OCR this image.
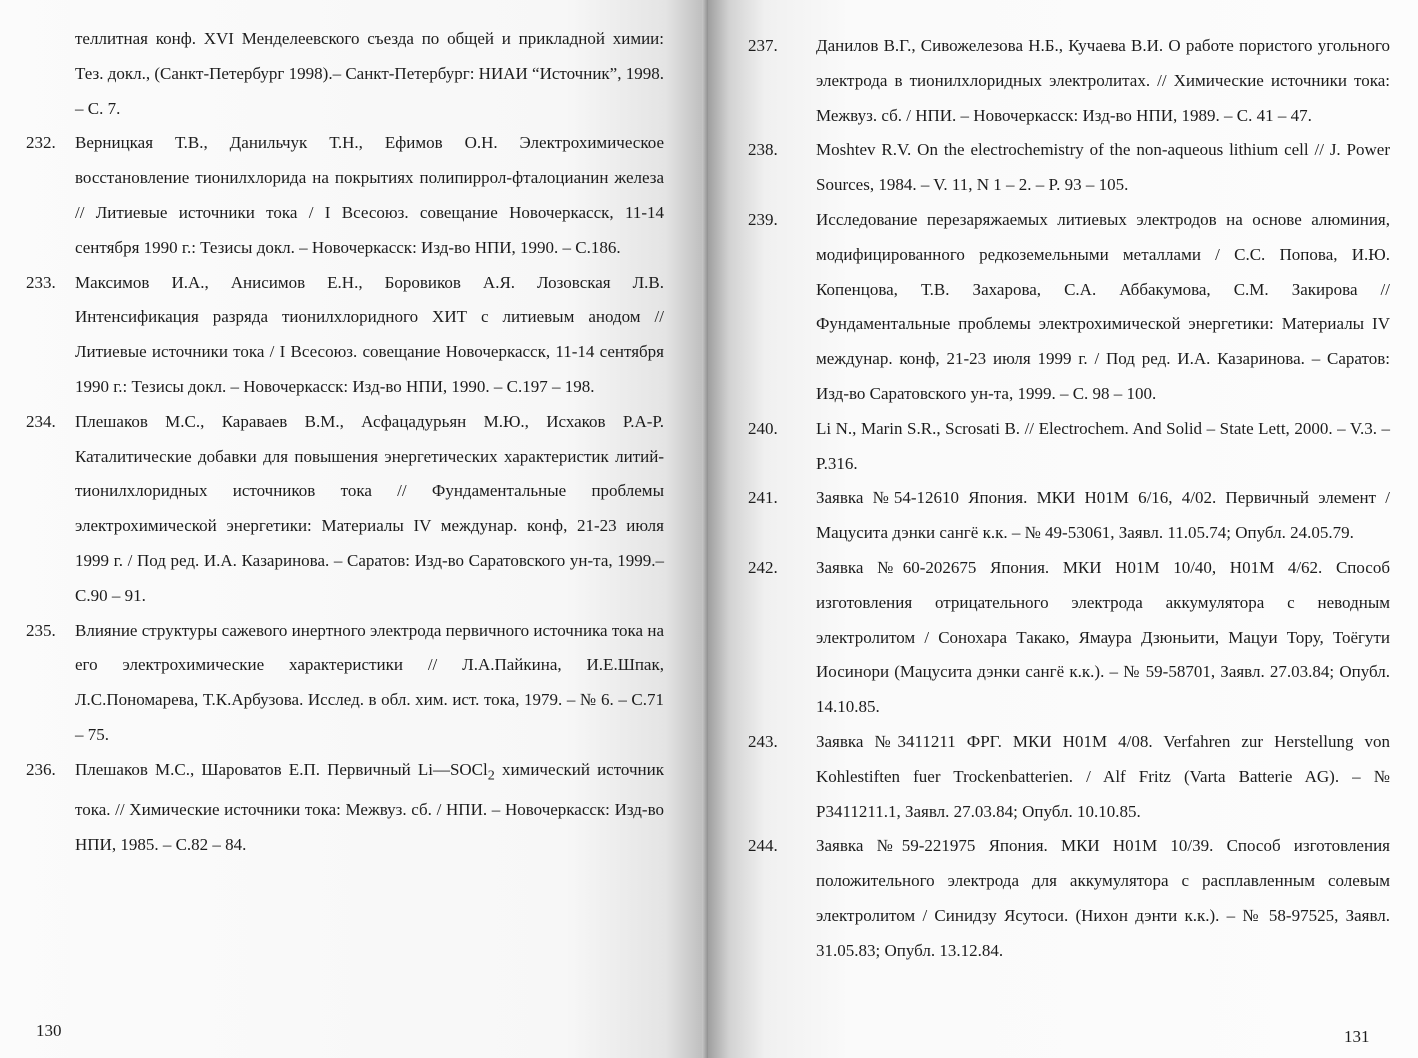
теллитная конф. XVI Менделеевского съезда по общей и прикладной химии: Тез. докл., (Санкт-Петербург 1998).– Санкт-Петербург: НИАИ “Источник”, 1998. – С. 7.
232. Верницкая Т.В., Данильчук Т.Н., Ефимов О.Н. Электрохимическое восстановление тионилхлорида на покрытиях полипиррол-фталоцианин железа // Литиевые источники тока / I Всесоюз. совещание Новочеркасск, 11-14 сентября 1990 г.: Тезисы докл. – Новочеркасск: Изд-во НПИ, 1990. – С.186.
233. Максимов И.А., Анисимов Е.Н., Боровиков А.Я. Лозовская Л.В. Интенсификация разряда тионилхлоридного ХИТ с литиевым анодом // Литиевые источники тока / I Всесоюз. совещание Новочеркасск, 11-14 сентября 1990 г.: Тезисы докл. – Новочеркасск: Изд-во НПИ, 1990. – С.197 – 198.
234. Плешаков М.С., Караваев В.М., Асфацадурьян М.Ю., Исхаков Р.А-Р. Каталитические добавки для повышения энергетических характеристик литий-тионилхлоридных источников тока // Фундаментальные проблемы электрохимической энергетики: Материалы IV междунар. конф, 21-23 июля 1999 г. / Под ред. И.А. Казаринова. – Саратов: Изд-во Саратовского ун-та, 1999.– С.90 – 91.
235. Влияние структуры сажевого инертного электрода первичного источника тока на его электрохимические характеристики // Л.А.Пайкина, И.Е.Шпак, Л.С.Пономарева, Т.К.Арбузова. Исслед. в обл. хим. ист. тока, 1979. – № 6. – С.71 – 75.
236. Плешаков М.С., Шароватов Е.П. Первичный Li—SOCl$_2$ химический источник тока. // Химические источники тока: Межвуз. сб. / НПИ. – Новочеркасск: Изд-во НПИ, 1985. – С.82 – 84.
130
237. Данилов В.Г., Сивожелезова Н.Б., Кучаева В.И. О работе пористого угольного электрода в тионилхлоридных электролитах. // Химические источники тока: Межвуз. сб. / НПИ. – Новочеркасск: Изд-во НПИ, 1989. – С. 41 – 47.
238. Moshtev R.V. On the electrochemistry of the non-aqueous lithium cell // J. Power Sources, 1984. – V. 11, N 1 – 2. – P. 93 – 105.
239. Исследование перезаряжаемых литиевых электродов на основе алюминия, модифицированного редкоземельными металлами / С.С. Попова, И.Ю. Копенцова, Т.В. Захарова, С.А. Аббакумова, С.М. Закирова // Фундаментальные проблемы электрохимической энергетики: Материалы IV междунар. конф, 21-23 июля 1999 г. / Под ред. И.А. Казаринова. – Саратов: Изд-во Саратовского ун-та, 1999. – С. 98 – 100.
240. Li N., Marin S.R., Scrosati B. // Electrochem. And Solid – State Lett, 2000. – V.3. – P.316.
241. Заявка №54-12610 Япония. МКИ H01M 6/16, 4/02. Первичный элемент / Мацусита дэнки сангё к.к. – № 49-53061, Заявл. 11.05.74; Опубл. 24.05.79.
242. Заявка №60-202675 Япония. МКИ H01M 10/40, H01M 4/62. Способ изготовления отрицательного электрода аккумулятора с неводным электролитом / Сонохара Такако, Ямаура Дзюньити, Мацуи Тору, Тоёгути Иосинори (Мацусита дэнки сангё к.к.). – № 59-58701, Заявл. 27.03.84; Опубл. 14.10.85.
243. Заявка №3411211 ФРГ. МКИ H01M 4/08. Verfahren zur Herstellung von Kohlestiften fuer Trockenbatterien. / Alf Fritz (Varta Batterie AG). – № P3411211.1, Заявл. 27.03.84; Опубл. 10.10.85.
244. Заявка №59-221975 Япония. МКИ H01M 10/39. Способ изготовления положительного электрода для аккумулятора с расплавленным солевым электролитом / Синидзу Ясутоси. (Нихон дэнти к.к.). – № 58-97525, Заявл. 31.05.83; Опубл. 13.12.84.
131
